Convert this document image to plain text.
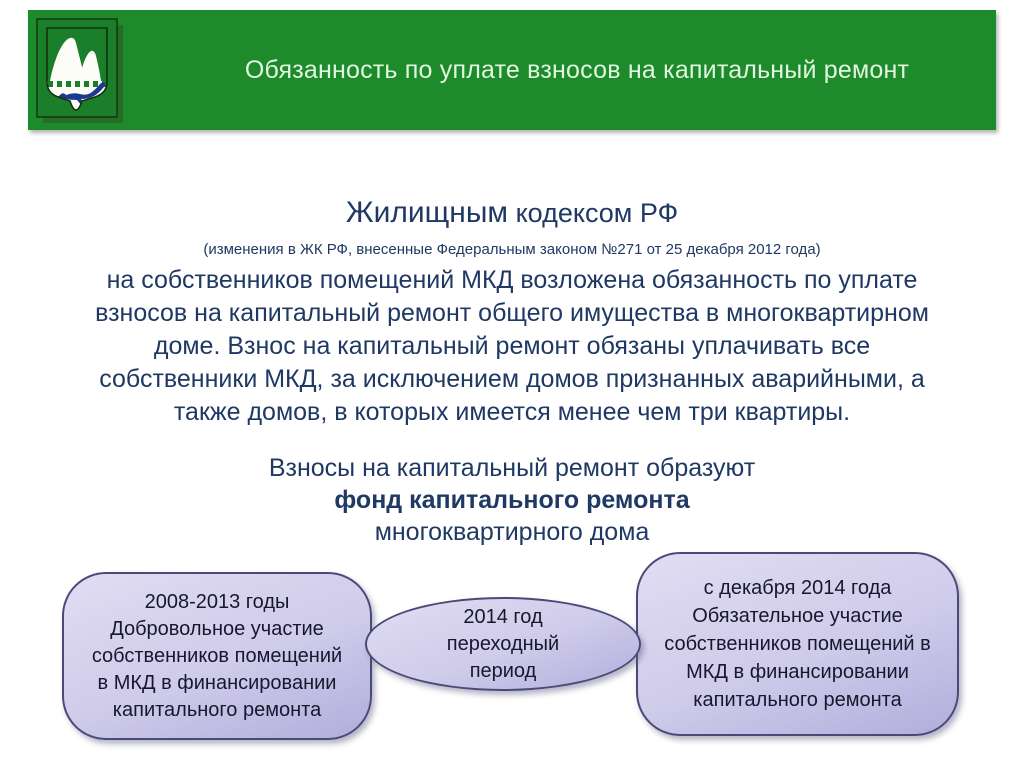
Обязанность по уплате взносов на капитальный ремонт
Жилищным кодексом РФ
(изменения в ЖК РФ, внесенные Федеральным законом №271 от 25 декабря 2012 года)
на собственников помещений МКД возложена обязанность по уплате
взносов на капитальный ремонт общего имущества в многоквартирном
доме. Взнос на капитальный ремонт обязаны уплачивать все
собственники МКД, за исключением домов признанных аварийными, а
также домов, в которых имеется менее чем три квартиры.
Взносы на капитальный ремонт образуют
фонд капитального ремонта
многоквартирного дома
2008-2013 годы
Добровольное участие
собственников помещений
в МКД в финансировании
капитального ремонта
2014 год
переходный
период
с декабря 2014 года
Обязательное участие
собственников помещений в
МКД в финансировании
капитального ремонта
